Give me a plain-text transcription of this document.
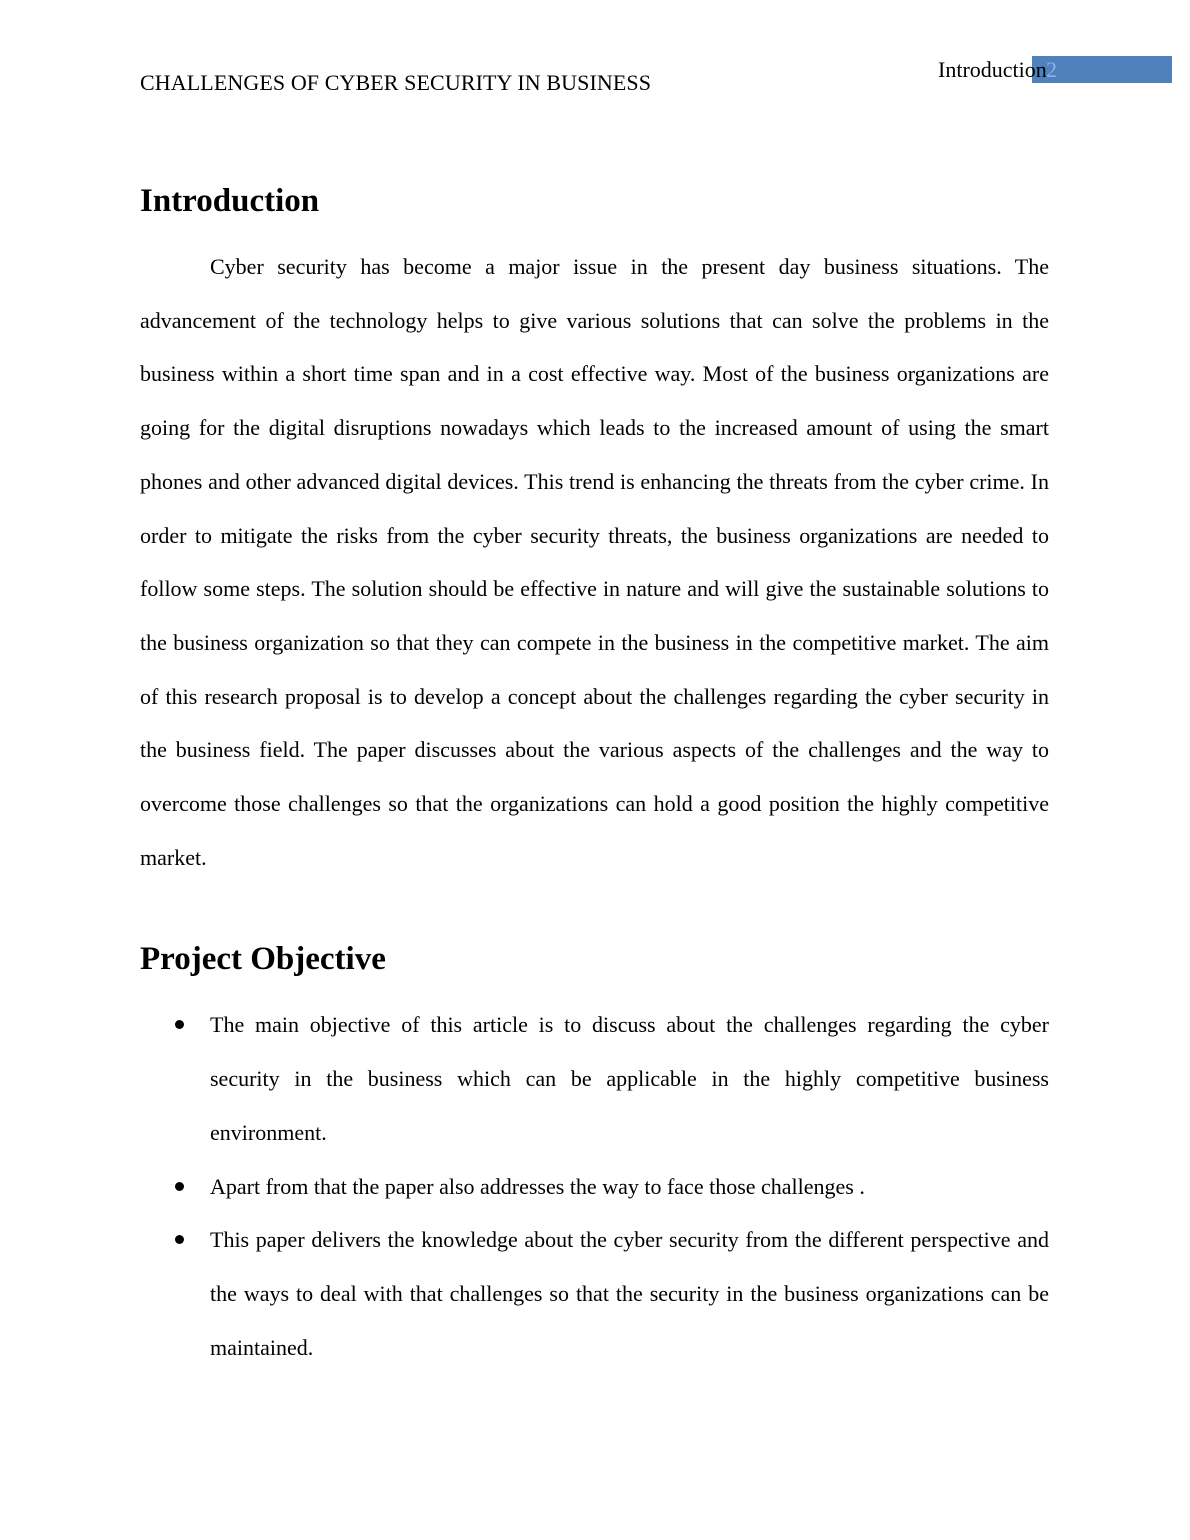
CHALLENGES OF CYBER SECURITY IN BUSINESS
2
Introduction
Introduction

Cyber security has become a major issue in the present day business situations. The advancement of the technology helps to give various solutions that can solve the problems in the business within a short time span and in a cost effective way. Most of the business organizations are going for the digital disruptions nowadays which leads to the increased amount of using the smart phones and other advanced digital devices. This trend is enhancing the threats from the cyber crime. In order to mitigate the risks from the cyber security threats, the business organizations are needed to follow some steps. The solution should be effective in nature and will give the sustainable solutions to the business organization so that they can compete in the business in the competitive market. The aim of this research proposal is to develop a concept about the challenges regarding the cyber security in the business field. The paper discusses about the various aspects of the challenges and the way to overcome those challenges so that the organizations can hold a good position the highly competitive market.

Project Objective
The main objective of this article is to discuss about the challenges regarding the cyber security in the business which can be applicable in the highly competitive business environment.
Apart from that the paper also addresses the way to face those challenges .
This paper delivers the knowledge about the cyber security from the different perspective and the ways to deal with that challenges so that the security in the business organizations can be maintained.
